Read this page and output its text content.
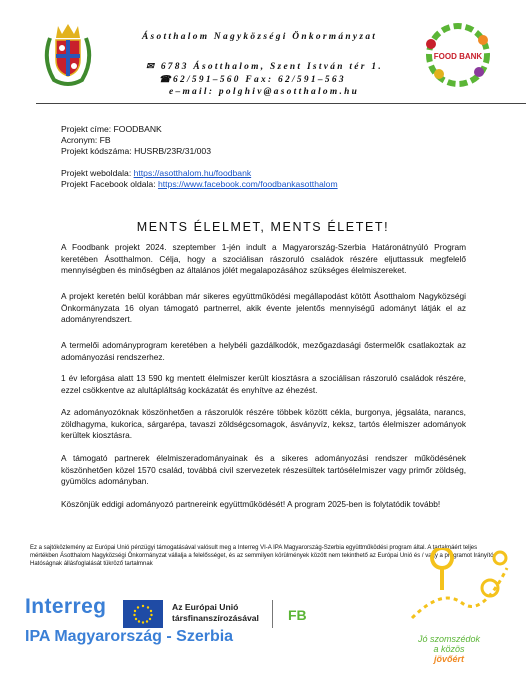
Ásotthalom Nagyközségi Önkormányzat
✉ 6783 Ásotthalom, Szent István tér 1.
☎62/591–560 Fax: 62/591–563
e–mail: polghiv@asotthalom.hu
FOOD BANK
Projekt címe: FOODBANK
Acronym: FB
Projekt kódszáma: HUSRB/23R/31/003
Projekt weboldala: https://asotthalom.hu/foodbank
Projekt Facebook oldala: https://www.facebook.com/foodbankasotthalom
MENTS ÉLELMET, MENTS ÉLETET!
A Foodbank projekt 2024. szeptember 1-jén indult a Magyarország-Szerbia Határonátnyúló Program keretében Ásotthalmon. Célja, hogy a szociálisan rászoruló családok részére eljuttassuk megfelelő mennyiségben és minőségben az általános jólét megalapozásához szükséges élelmiszereket.
A projekt keretén belül korábban már sikeres együttműködési megállapodást kötött Ásotthalom Nagyközségi Önkormányzata 16 olyan támogató partnerrel, akik évente jelentős mennyiségű adományt látják el az adományrendszert.
A termelői adományprogram keretében a helybéli gazdálkodók, mezőgazdasági őstermelők csatlakoztak az adományozási rendszerhez.
1 év leforgása alatt 13 590 kg mentett élelmiszer került kiosztásra a szociálisan rászoruló családok részére, ezzel csökkentve az alultápláltság kockázatát és enyhítve az éhezést.
Az adományozóknak köszönhetően a rászorulók részére többek között cékla, burgonya, jégsaláta, narancs, zöldhagyma, kukorica, sárgarépa, tavaszi zöldségcsomagok, ásványvíz, keksz, tartós élelmiszer adományok kerültek kiosztásra.
A támogató partnerek élelmiszeradományainak és a sikeres adományozási rendszer működésének köszönhetően közel 1570 család, továbbá civil szervezetek részesültek tartóséleImiszer vagy primőr zöldség, gyümölcs adományban.
Köszönjük eddigi adományozó partnereink együttműködését! A program 2025-ben is folytatódik tovább!
Ez a sajtóközlemény az Európai Unió pénzügyi támogatásával valósult meg a Interreg VI-A IPA Magyarország-Szerbia együttműködési program által. A tartalmáért teljes mértékben Ásotthalom Nagyközségi Önkormányzat vállalja a felelősséget, és az semmilyen körülmények között nem tekinthető az Európai Unió és / vagy a programot Irányító Hatóságnak állásfoglalását tükröző tartalmnak
Interreg
IPA Magyarország - Szerbia
Az Európai Unió
társfinanszírozásával FB
Jó szomszédok
a közös
jövőért
